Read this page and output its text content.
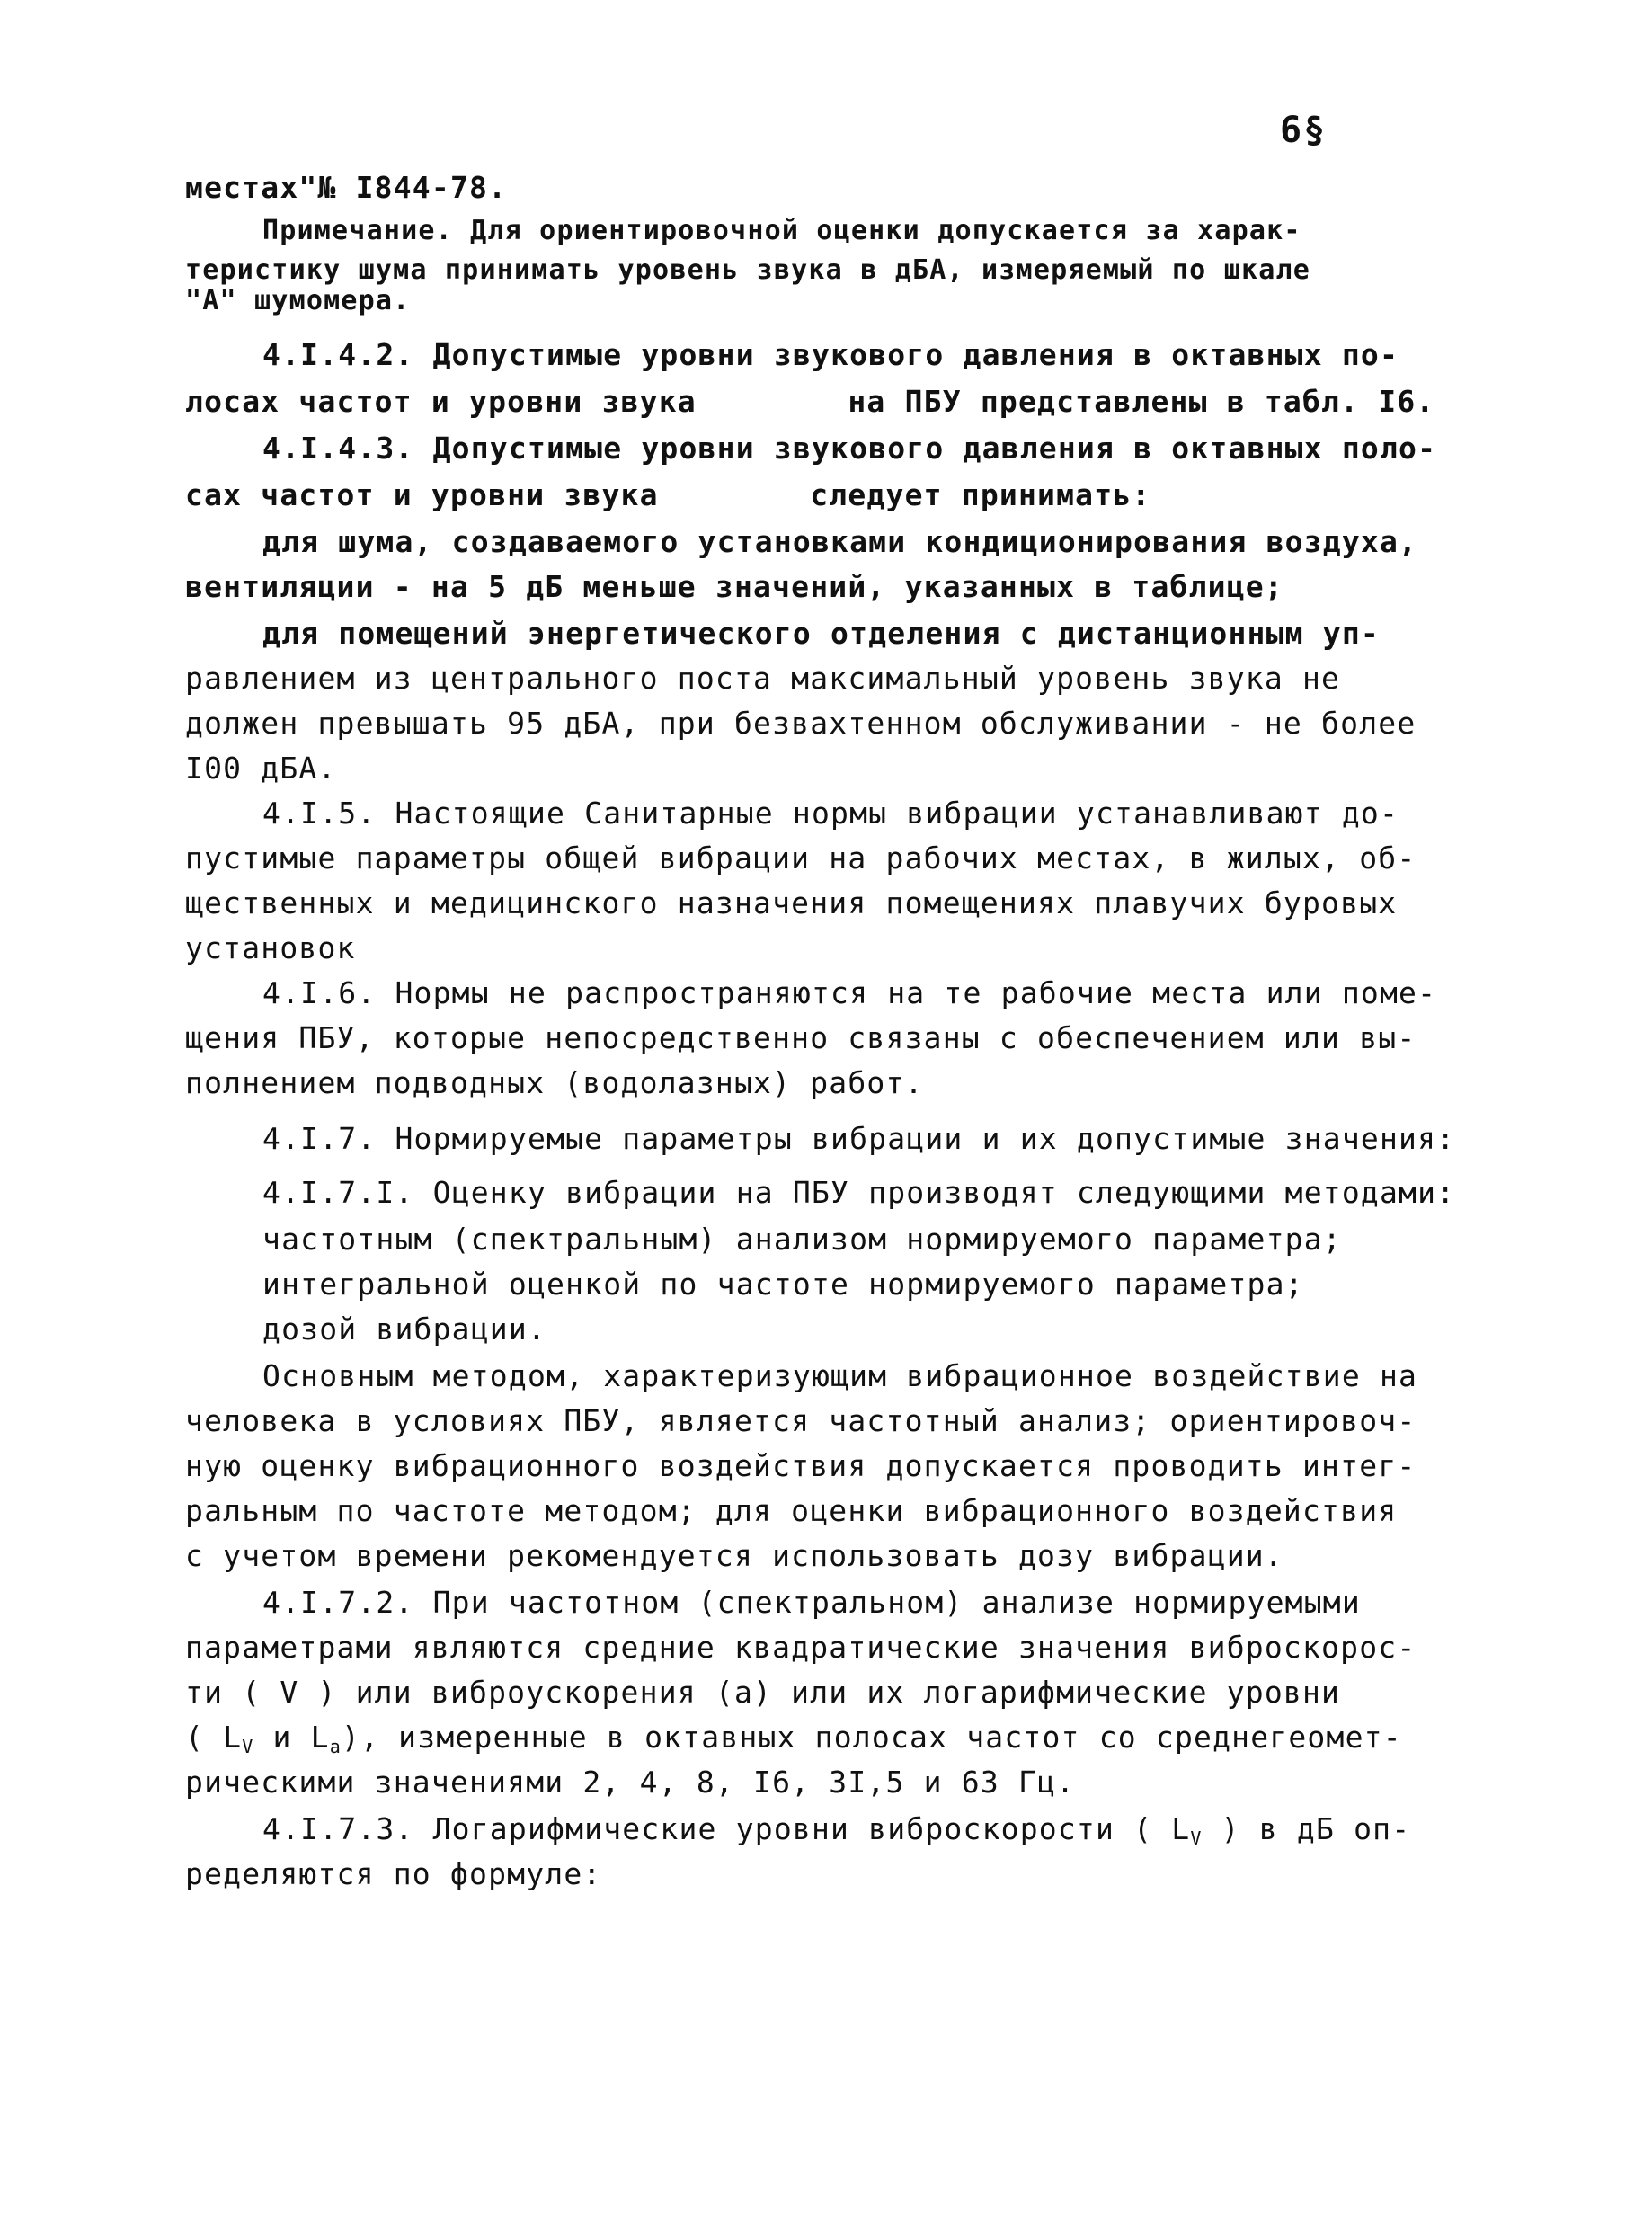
6§
местах"№ I844-78.
Примечание. Для ориентировочной оценки допускается за харак-
теристику шума принимать уровень звука в дБА, измеряемый по шкале
"А" шумомера.
4.I.4.2. Допустимые уровни звукового давления в октавных по-
лосах частот и уровни звука        на ПБУ представлены в табл. I6.
4.I.4.3. Допустимые уровни звукового давления в октавных поло-
сах частот и уровни звука        следует принимать:
для шума, создаваемого установками кондиционирования воздуха,
вентиляции - на 5 дБ меньше значений, указанных в таблице;
для помещений энергетического отделения с дистанционным уп-
равлением из центрального поста максимальный уровень звука не
должен превышать 95 дБА, при безвахтенном обслуживании - не более
I00 дБА.
4.I.5. Настоящие Санитарные нормы вибрации устанавливают до-
пустимые параметры общей вибрации на рабочих местах, в жилых, об-
щественных и медицинского назначения помещениях плавучих буровых
установок
4.I.6. Нормы не распространяются на те рабочие места или поме-
щения ПБУ, которые непосредственно связаны с обеспечением или вы-
полнением подводных (водолазных) работ.
4.I.7. Нормируемые параметры вибрации и их допустимые значения:
4.I.7.I. Оценку вибрации на ПБУ производят следующими методами:
частотным (спектральным) анализом нормируемого параметра;
интегральной оценкой по частоте нормируемого параметра;
дозой вибрации.
Основным методом, характеризующим вибрационное воздействие на
человека в условиях ПБУ, является частотный анализ; ориентировоч-
ную оценку вибрационного воздействия допускается проводить интег-
ральным по частоте методом; для оценки вибрационного воздействия
с учетом времени рекомендуется использовать дозу вибрации.
4.I.7.2. При частотном (спектральном) анализе нормируемыми
параметрами являются средние квадратические значения виброскорос-
ти ( V ) или виброускорения (a) или их логарифмические уровни
( $L_V$ и $L_a$), измеренные в октавных полосах частот со среднегеомет-
рическими значениями 2, 4, 8, I6, 3I,5 и 63 Гц.
4.I.7.3. Логарифмические уровни виброскорости ( $L_V$ ) в дБ оп-
ределяются по формуле:
